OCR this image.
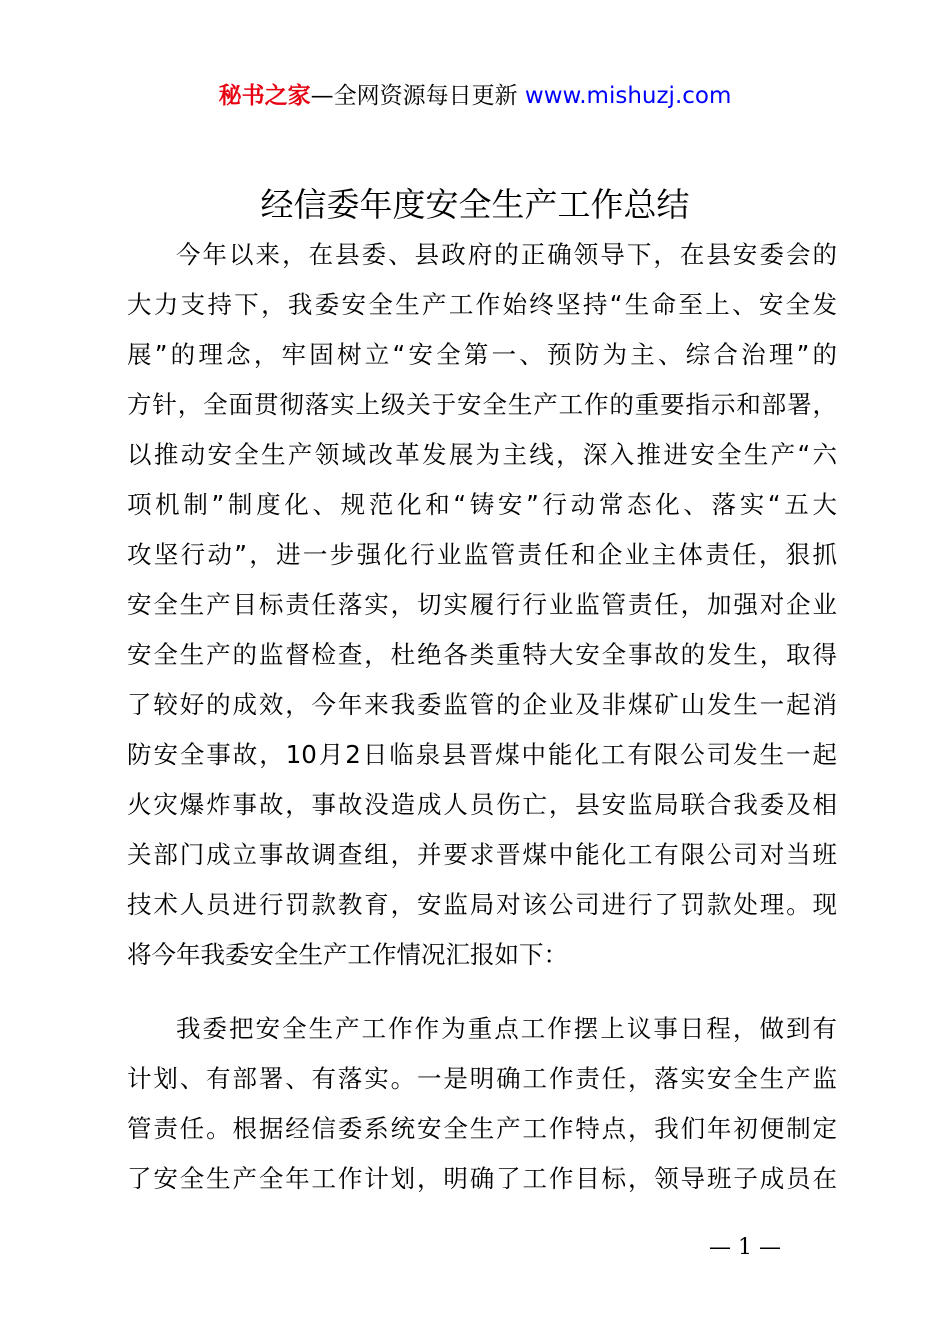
秘书之家—全网资源每日更新 www.mishuzj.com
经信委年度安全生产工作总结
今年以来，在县委、县政府的正确领导下，在县安委会的
大力支持下，我委安全生产工作始终坚持“生命至上、安全发
展”的理念，牢固树立“安全第一、预防为主、综合治理”的
方针，全面贯彻落实上级关于安全生产工作的重要指示和部署，
以推动安全生产领域改革发展为主线，深入推进安全生产“六
项机制”制度化、规范化和“铸安”行动常态化、落实“五大
攻坚行动”，进一步强化行业监管责任和企业主体责任，狠抓
安全生产目标责任落实，切实履行行业监管责任，加强对企业
安全生产的监督检查，杜绝各类重特大安全事故的发生，取得
了较好的成效，今年来我委监管的企业及非煤矿山发生一起消
防安全事故，10月2日临泉县晋煤中能化工有限公司发生一起
火灾爆炸事故，事故没造成人员伤亡，县安监局联合我委及相
关部门成立事故调查组，并要求晋煤中能化工有限公司对当班
技术人员进行罚款教育，安监局对该公司进行了罚款处理。现
将今年我委安全生产工作情况汇报如下：
我委把安全生产工作作为重点工作摆上议事日程，做到有
计划、有部署、有落实。一是明确工作责任，落实安全生产监
管责任。根据经信委系统安全生产工作特点，我们年初便制定
了安全生产全年工作计划，明确了工作目标，领导班子成员在
— 1 —
